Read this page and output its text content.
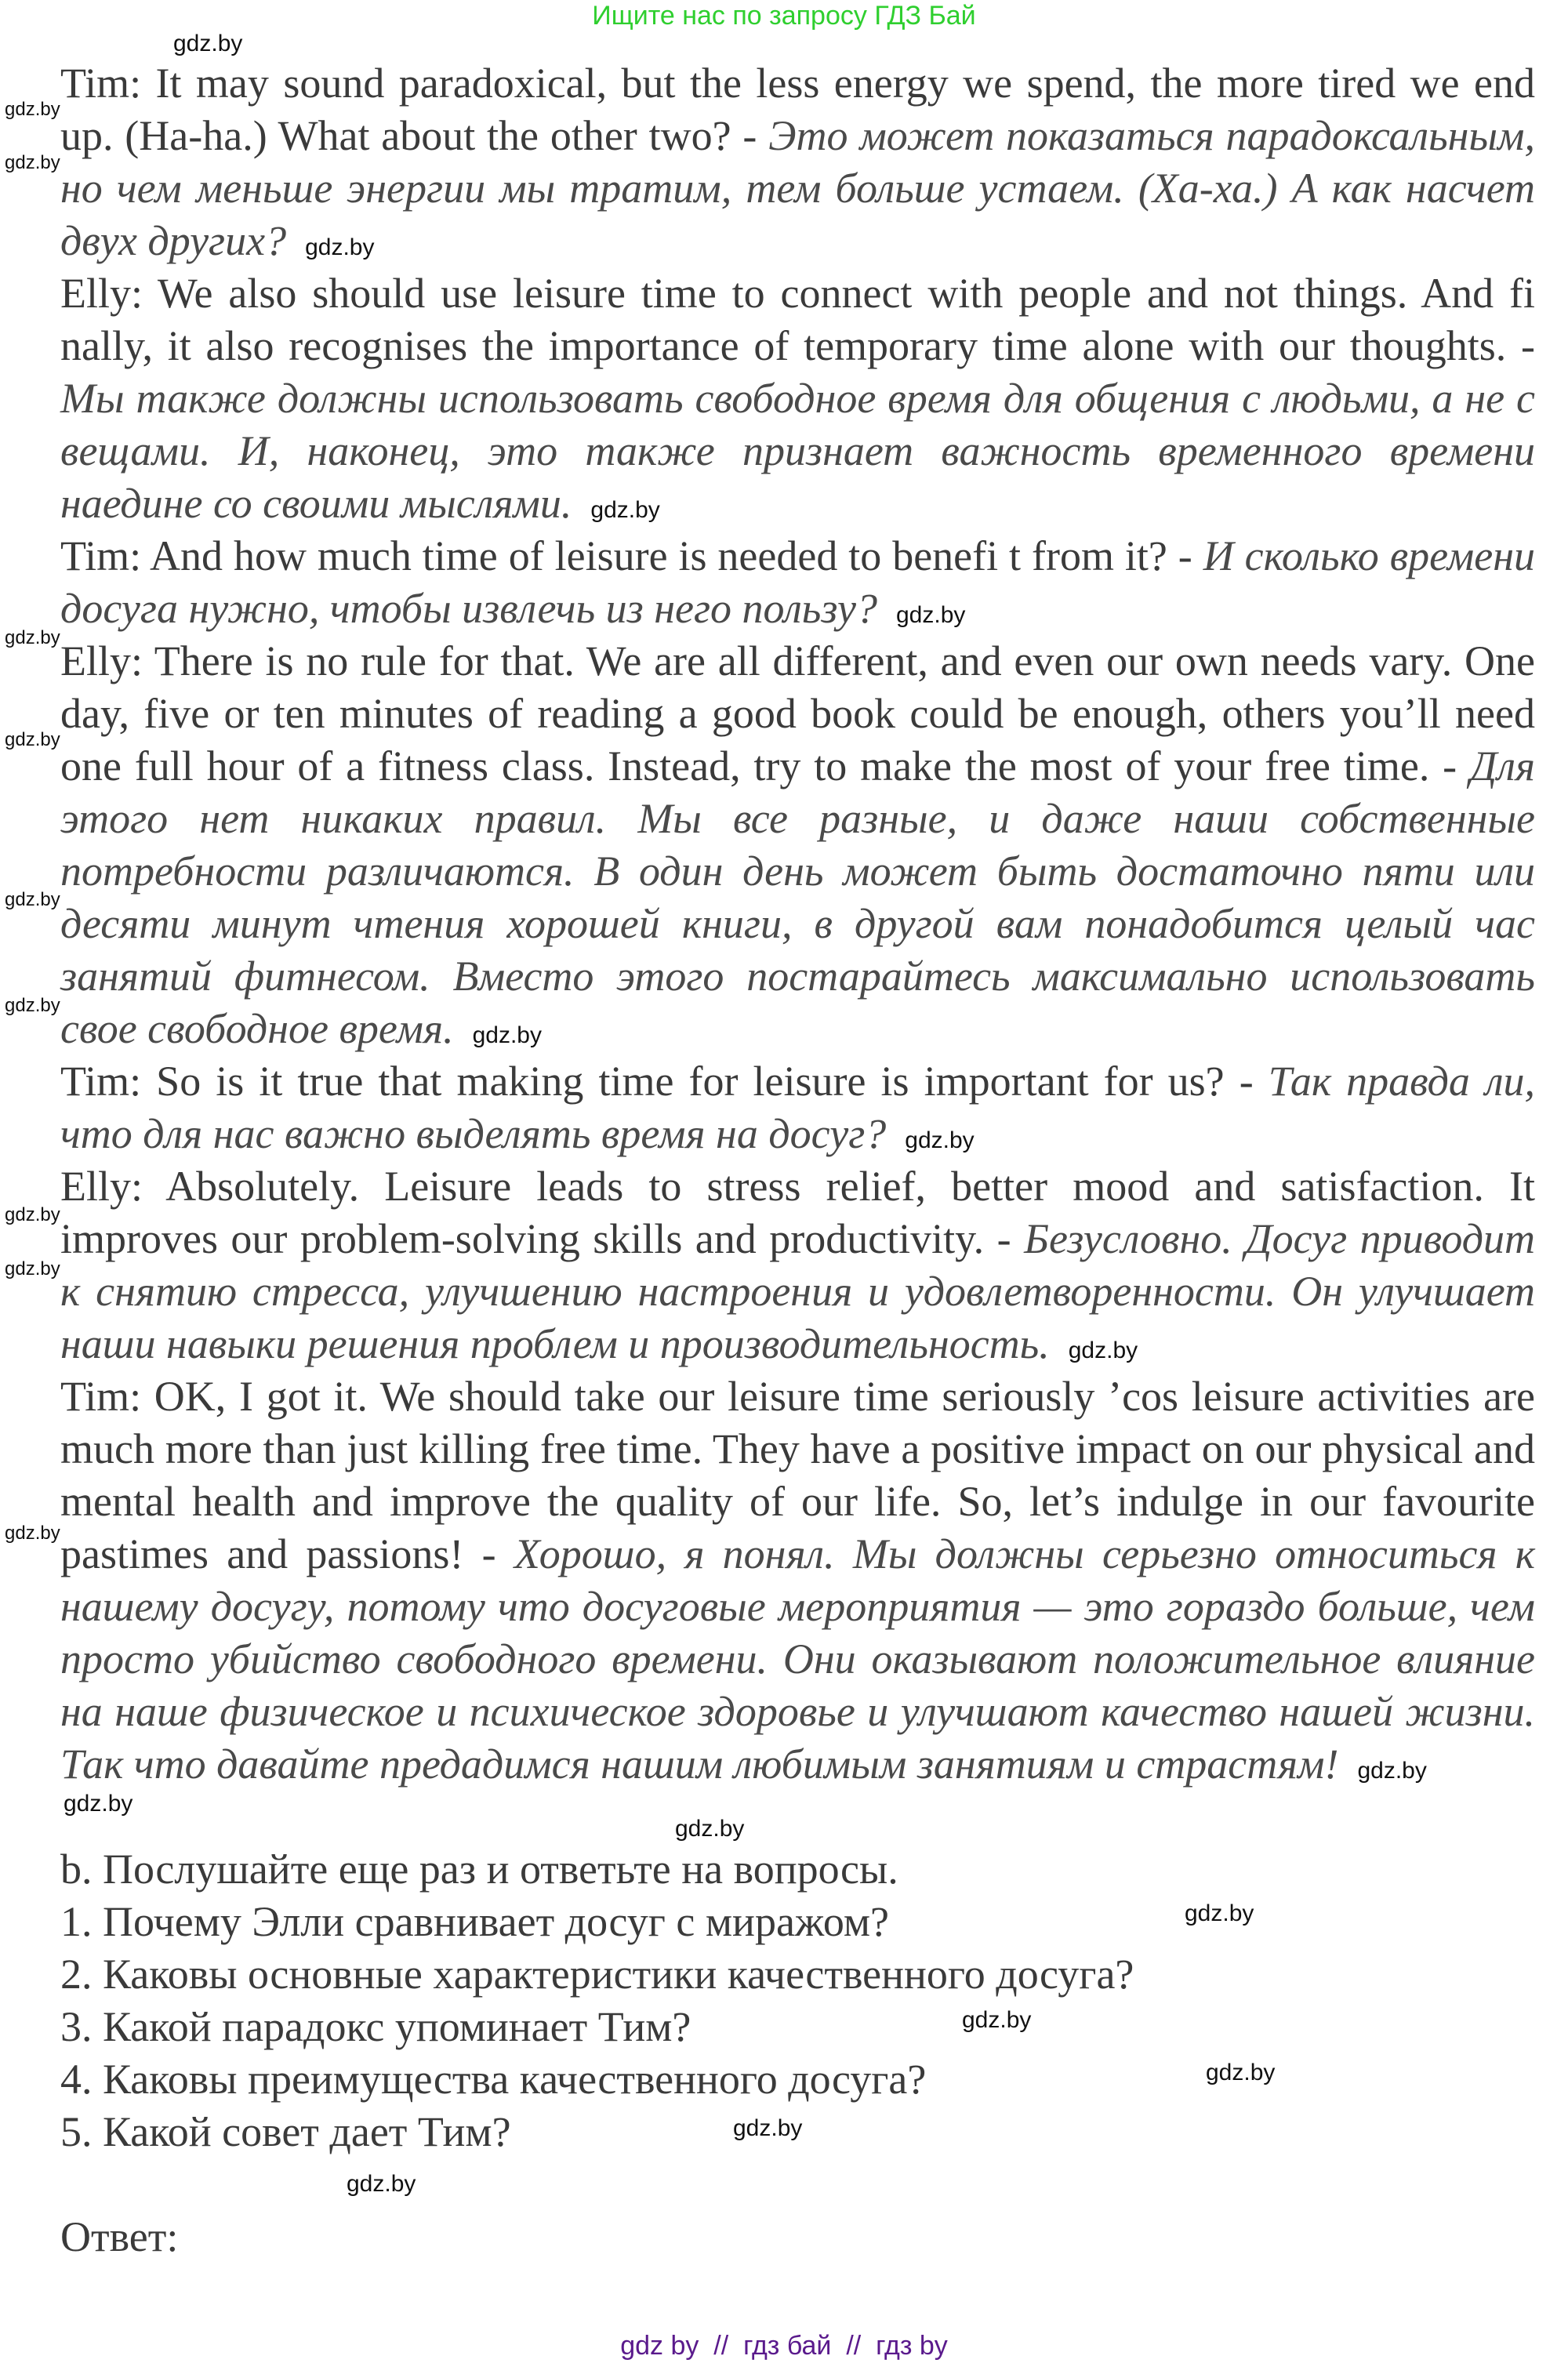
Ищите нас по запросу ГДЗ Бай

Tim: It may sound paradoxical, but the less energy we spend, the more tired we end up. (Ha-ha.) What about the other two? - Это может показаться парадоксальным, но чем меньше энергии мы тратим, тем больше устаем. (Ха-ха.) А как насчет двух других? gdz.by

Elly: We also should use leisure time to connect with people and not things. And fi nally, it also recognises the importance of temporary time alone with our thoughts. - Мы также должны использовать свободное время для общения с людьми, а не с вещами. И, наконец, это также признает важность временного времени наедине со своими мыслями. gdz.by

Tim: And how much time of leisure is needed to benefi t from it? - И сколько времени досуга нужно, чтобы извлечь из него пользу? gdz.by

Elly: There is no rule for that. We are all different, and even our own needs vary. One day, five or ten minutes of reading a good book could be enough, others you’ll need one full hour of a fitness class. Instead, try to make the most of your free time. - Для этого нет никаких правил. Мы все разные, и даже наши собственные потребности различаются. В один день может быть достаточно пяти или десяти минут чтения хорошей книги, в другой вам понадобится целый час занятий фитнесом. Вместо этого постарайтесь максимально использовать свое свободное время. gdz.by

Tim: So is it true that making time for leisure is important for us? - Так правда ли, что для нас важно выделять время на досуг? gdz.by

Elly: Absolutely. Leisure leads to stress relief, better mood and satisfaction. It improves our problem-solving skills and productivity. - Безусловно. Досуг приводит к снятию стресса, улучшению настроения и удовлетворенности. Он улучшает наши навыки решения проблем и производительность. gdz.by

Tim: OK, I got it. We should take our leisure time seriously ’cos leisure activities are much more than just killing free time. They have a positive impact on our physical and mental health and improve the quality of our life. So, let’s indulge in our favourite pastimes and passions! - Хорошо, я понял. Мы должны серьезно относиться к нашему досугу, потому что досуговые мероприятия — это гораздо больше, чем просто убийство свободного времени. Они оказывают положительное влияние на наше физическое и психическое здоровье и улучшают качество нашей жизни. Так что давайте предадимся нашим любимым занятиям и страстям! gdz.by

gdz.by
gdz.by

b. Послушайте еще раз и ответьте на вопросы.

1. Почему Элли сравнивает досуг с миражом?	gdz.by

2. Каковы основные характеристики качественного досуга?

3. Какой парадокс упоминает Тим?	gdz.by

4. Каковы преимущества качественного досуга?	gdz.by

5. Какой совет дает Тим?	gdz.by

gdz.by

Ответ:

gdz.by
gdz.by
gdz.by
gdz.by
gdz.by
gdz.by
gdz.by
gdz.by
gdz.by
gdz.by
gdz by  //  гдз бай  //  гдз by
